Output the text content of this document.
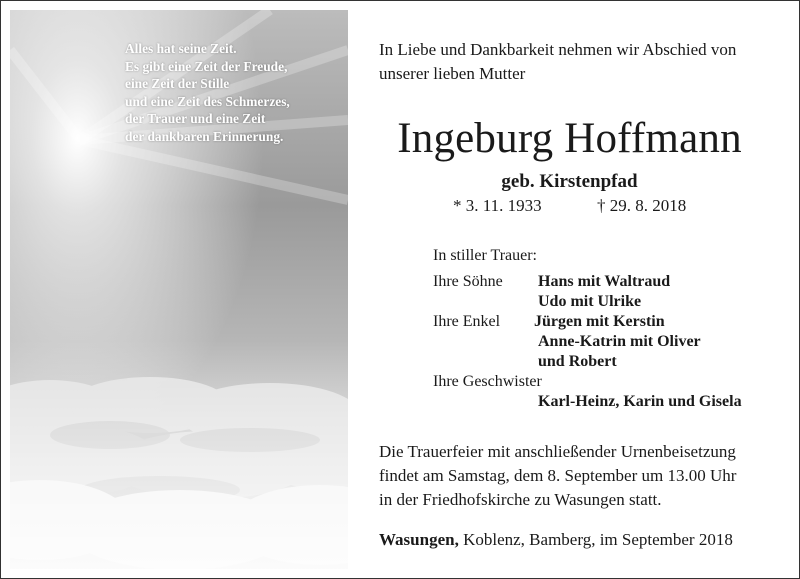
Alles hat seine Zeit.
Es gibt eine Zeit der Freude,
eine Zeit der Stille
und eine Zeit des Schmerzes,
der Trauer und eine Zeit
der dankbaren Erinnerung.
In Liebe und Dankbarkeit nehmen wir Abschied von
unserer lieben Mutter
Ingeburg Hoffmann
geb. Kirstenpfad
* 3. 11. 1933	† 29. 8. 2018
In stiller Trauer:
Ihre Söhne Hans mit Waltraud
Udo mit Ulrike
Ihre Enkel Jürgen mit Kerstin
Anne-Katrin mit Oliver
und Robert
Ihre Geschwister
Karl-Heinz, Karin und Gisela
Die Trauerfeier mit anschließender Urnenbeisetzung
findet am Samstag, dem 8. September um 13.00 Uhr
in der Friedhofskirche zu Wasungen statt.
Wasungen, Koblenz, Bamberg, im September 2018
